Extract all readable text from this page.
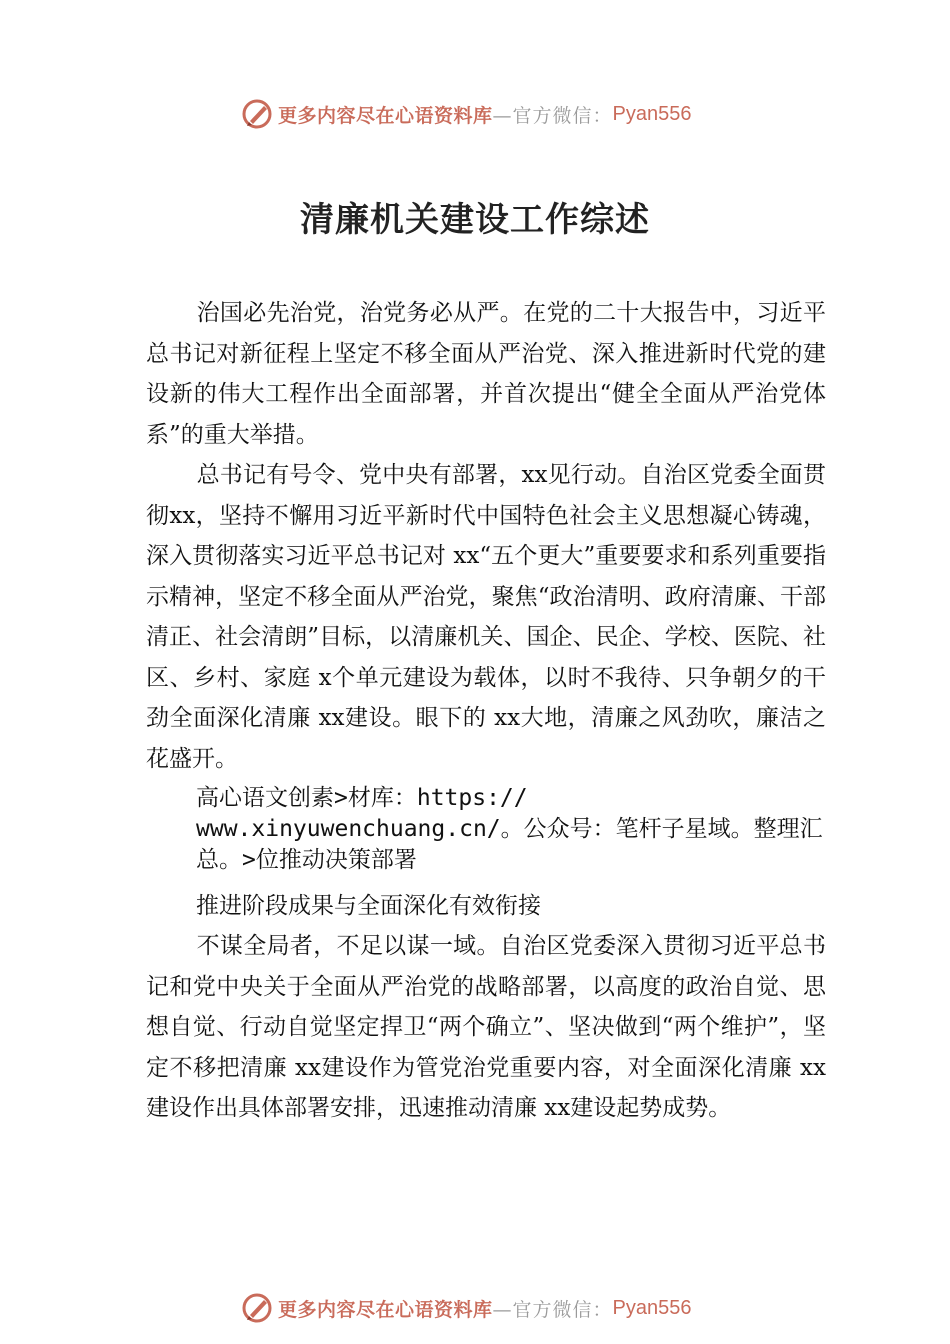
更多内容尽在心语资料库 —官方微信： Pyan556
清廉机关建设工作综述

治国必先治党，治党务必从严。在党的二十大报告中，习近平总书记对新征程上坚定不移全面从严治党、深入推进新时代党的建设新的伟大工程作出全面部署，并首次提出“健全全面从严治党体系”的重大举措。

总书记有号令、党中央有部署，xx见行动。自治区党委全面贯彻xx，坚持不懈用习近平新时代中国特色社会主义思想凝心铸魂，深入贯彻落实习近平总书记对 xx“五个更大”重要要求和系列重要指示精神，坚定不移全面从严治党，聚焦“政治清明、政府清廉、干部清正、社会清朗”目标，以清廉机关、国企、民企、学校、医院、社区、乡村、家庭 x个单元建设为载体，以时不我待、只争朝夕的干劲全面深化清廉 xx建设。眼下的 xx大地，清廉之风劲吹，廉洁之花盛开。

高心语文创素>材库：https://
www.xinyuwenchuang.cn/。公众号：笔杆子星域。整理汇总。>位推动决策部署
推进阶段成果与全面深化有效衔接

不谋全局者，不足以谋一域。自治区党委深入贯彻习近平总书记和党中央关于全面从严治党的战略部署，以高度的政治自觉、思想自觉、行动自觉坚定捍卫“两个确立”、坚决做到“两个维护”，坚定不移把清廉 xx建设作为管党治党重要内容，对全面深化清廉 xx建设作出具体部署安排，迅速推动清廉 xx建设起势成势。

更多内容尽在心语资料库 —官方微信： Pyan556
